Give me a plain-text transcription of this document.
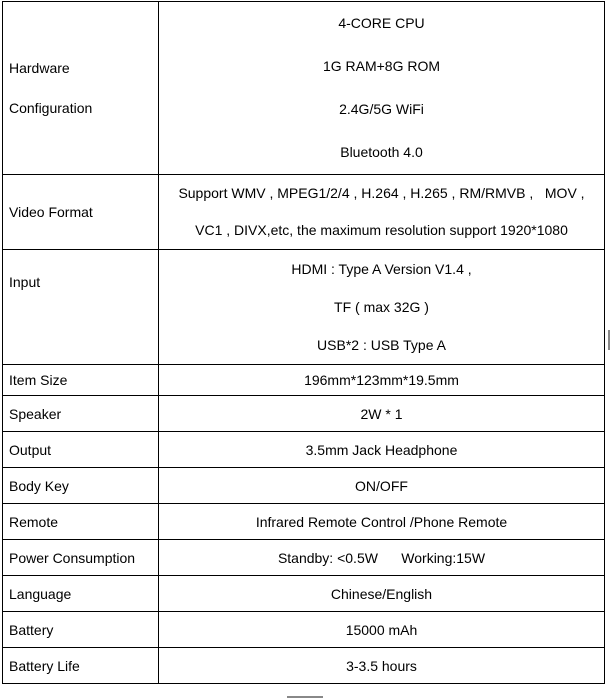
Hardware
Configuration	4-CORE CPU
1G RAM+8G ROM
2.4G/5G WiFi
Bluetooth 4.0

Video Format	Support WMV , MPEG1/2/4 , H.264 , H.265 , RM/RMVB ,   MOV ,
VC1 , DIVX,etc, the maximum resolution support 1920*1080

Input	HDMI : Type A Version V1.4 ,
TF ( max 32G )
USB*2 : USB Type A

Item Size	196mm*123mm*19.5mm
Speaker	2W * 1
Output	3.5mm Jack Headphone
Body Key	ON/OFF
Remote	Infrared Remote Control /Phone Remote
Power Consumption	Standby: <0.5W      Working:15W
Language	Chinese/English
Battery	15000 mAh
Battery Life	3-3.5 hours
